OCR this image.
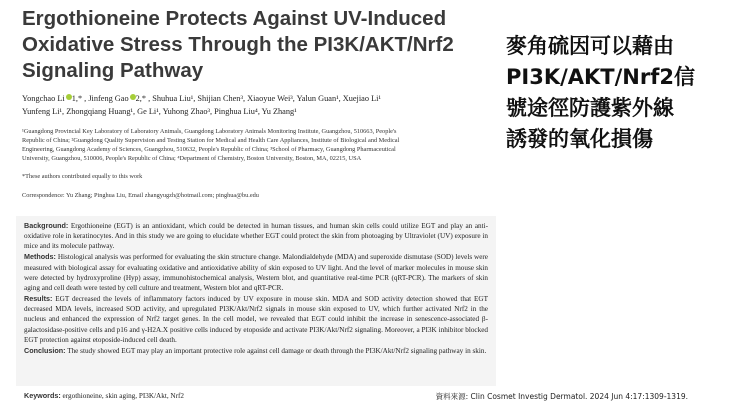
Ergothioneine Protects Against UV-Induced
Oxidative Stress Through the PI3K/AKT/Nrf2
Signaling Pathway
Yongchao Li 1,* , Jinfeng Gao 2,* , Shuhua Liu¹, Shijian Chen³, Xiaoyue Wei³, Yalun Guan¹, Xuejiao Li¹
Yunfeng Li¹, Zhongqiang Huang¹, Ge Li¹, Yuhong Zhao³, Pinghua Liu⁴, Yu Zhang¹
¹Guangdong Provincial Key Laboratory of Laboratory Animals, Guangdong Laboratory Animals Monitoring Institute, Guangzhou, 510663, People's
Republic of China; ²Guangdong Quality Supervision and Testing Station for Medical and Health Care Appliances, Institute of Biological and Medical
Engineering, Guangdong Academy of Sciences, Guangzhou, 510632, People's Republic of China; ³School of Pharmacy, Guangdong Pharmaceutical
University, Guangzhou, 510006, People's Republic of China; ⁴Department of Chemistry, Boston University, Boston, MA, 02215, USA
*These authors contributed equally to this work
Correspondence: Yu Zhang; Pinghua Liu, Email zhangyugzh@hotmail.com; pinghua@bu.edu

Background: Ergothioneine (EGT) is an antioxidant, which could be detected in human tissues, and human skin cells could utilize EGT and play an anti-oxidative role in keratinocytes. And in this study we are going to elucidate whether EGT could protect the skin from photoaging by Ultraviolet (UV) exposure in mice and its molecule pathway.

Methods: Histological analysis was performed for evaluating the skin structure change. Malondialdehyde (MDA) and superoxide dismutase (SOD) levels were measured with biological assay for evaluating oxidative and antioxidative ability of skin exposed to UV light. And the level of marker molecules in mouse skin were detected by hydroxyproline (Hyp) assay, immunohistochemical analysis, Western blot, and quantitative real-time PCR (qRT-PCR). The markers of skin aging and cell death were tested by cell culture and treatment, Western blot and qRT-PCR.

Results: EGT decreased the levels of inflammatory factors induced by UV exposure in mouse skin. MDA and SOD activity detection showed that EGT decreased MDA levels, increased SOD activity, and upregulated PI3K/Akt/Nrf2 signals in mouse skin exposed to UV, which further activated Nrf2 in the nucleus and enhanced the expression of Nrf2 target genes. In the cell model, we revealed that EGT could inhibit the increase in senescence-associated β-galactosidase-positive cells and p16 and γ-H2A.X positive cells induced by etoposide and activate PI3K/Akt/Nrf2 signaling. Moreover, a PI3K inhibitor blocked EGT protection against etoposide-induced cell death.

Conclusion: The study showed EGT may play an important protective role against cell damage or death through the PI3K/Akt/Nrf2 signaling pathway in skin.

Keywords: ergothioneine, skin aging, PI3K/Akt, Nrf2
麥角硫因可以藉由
PI3K/AKT/Nrf2信
號途徑防護紫外線
誘發的氧化損傷
資料來源: Clin Cosmet Investig Dermatol. 2024 Jun 4:17:1309-1319.
